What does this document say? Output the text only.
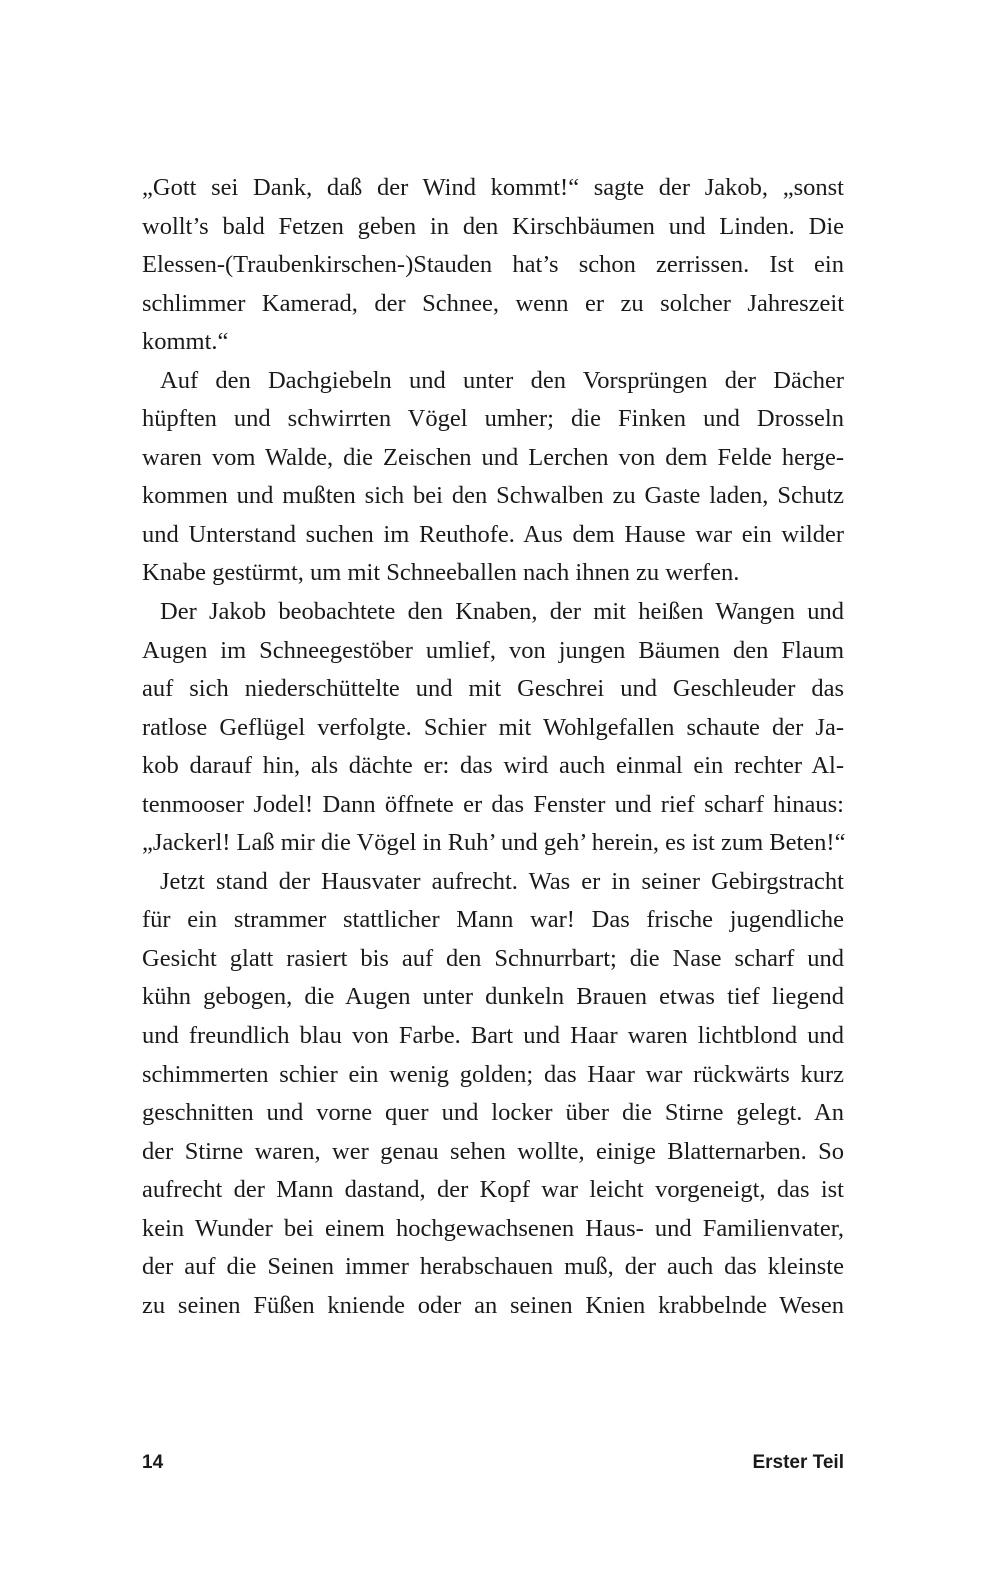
„Gott sei Dank, daß der Wind kommt!“ sagte der Jakob, „sonst
wollt’s bald Fetzen geben in den Kirschbäumen und Linden. Die
Elessen-(Traubenkirschen-)Stauden hat’s schon zerrissen. Ist ein
schlimmer Kamerad, der Schnee, wenn er zu solcher Jahreszeit
kommt.“
Auf den Dachgiebeln und unter den Vorsprüngen der Dächer
hüpften und schwirrten Vögel umher; die Finken und Drosseln
waren vom Walde, die Zeischen und Lerchen von dem Felde herge-
kommen und mußten sich bei den Schwalben zu Gaste laden, Schutz
und Unterstand suchen im Reuthofe. Aus dem Hause war ein wilder
Knabe gestürmt, um mit Schneeballen nach ihnen zu werfen.
Der Jakob beobachtete den Knaben, der mit heißen Wangen und
Augen im Schneegestöber umlief, von jungen Bäumen den Flaum
auf sich niederschüttelte und mit Geschrei und Geschleuder das
ratlose Geflügel verfolgte. Schier mit Wohlgefallen schaute der Ja-
kob darauf hin, als dächte er: das wird auch einmal ein rechter Al-
tenmooser Jodel! Dann öffnete er das Fenster und rief scharf hinaus:
„Jackerl! Laß mir die Vögel in Ruh’ und geh’ herein, es ist zum Beten!“
Jetzt stand der Hausvater aufrecht. Was er in seiner Gebirgstracht
für ein strammer stattlicher Mann war! Das frische jugendliche
Gesicht glatt rasiert bis auf den Schnurrbart; die Nase scharf und
kühn gebogen, die Augen unter dunkeln Brauen etwas tief liegend
und freundlich blau von Farbe. Bart und Haar waren lichtblond und
schimmerten schier ein wenig golden; das Haar war rückwärts kurz
geschnitten und vorne quer und locker über die Stirne gelegt. An
der Stirne waren, wer genau sehen wollte, einige Blatternarben. So
aufrecht der Mann dastand, der Kopf war leicht vorgeneigt, das ist
kein Wunder bei einem hochgewachsenen Haus- und Familienvater,
der auf die Seinen immer herabschauen muß, der auch das kleinste
zu seinen Füßen kniende oder an seinen Knien krabbelnde Wesen
14	Erster Teil
